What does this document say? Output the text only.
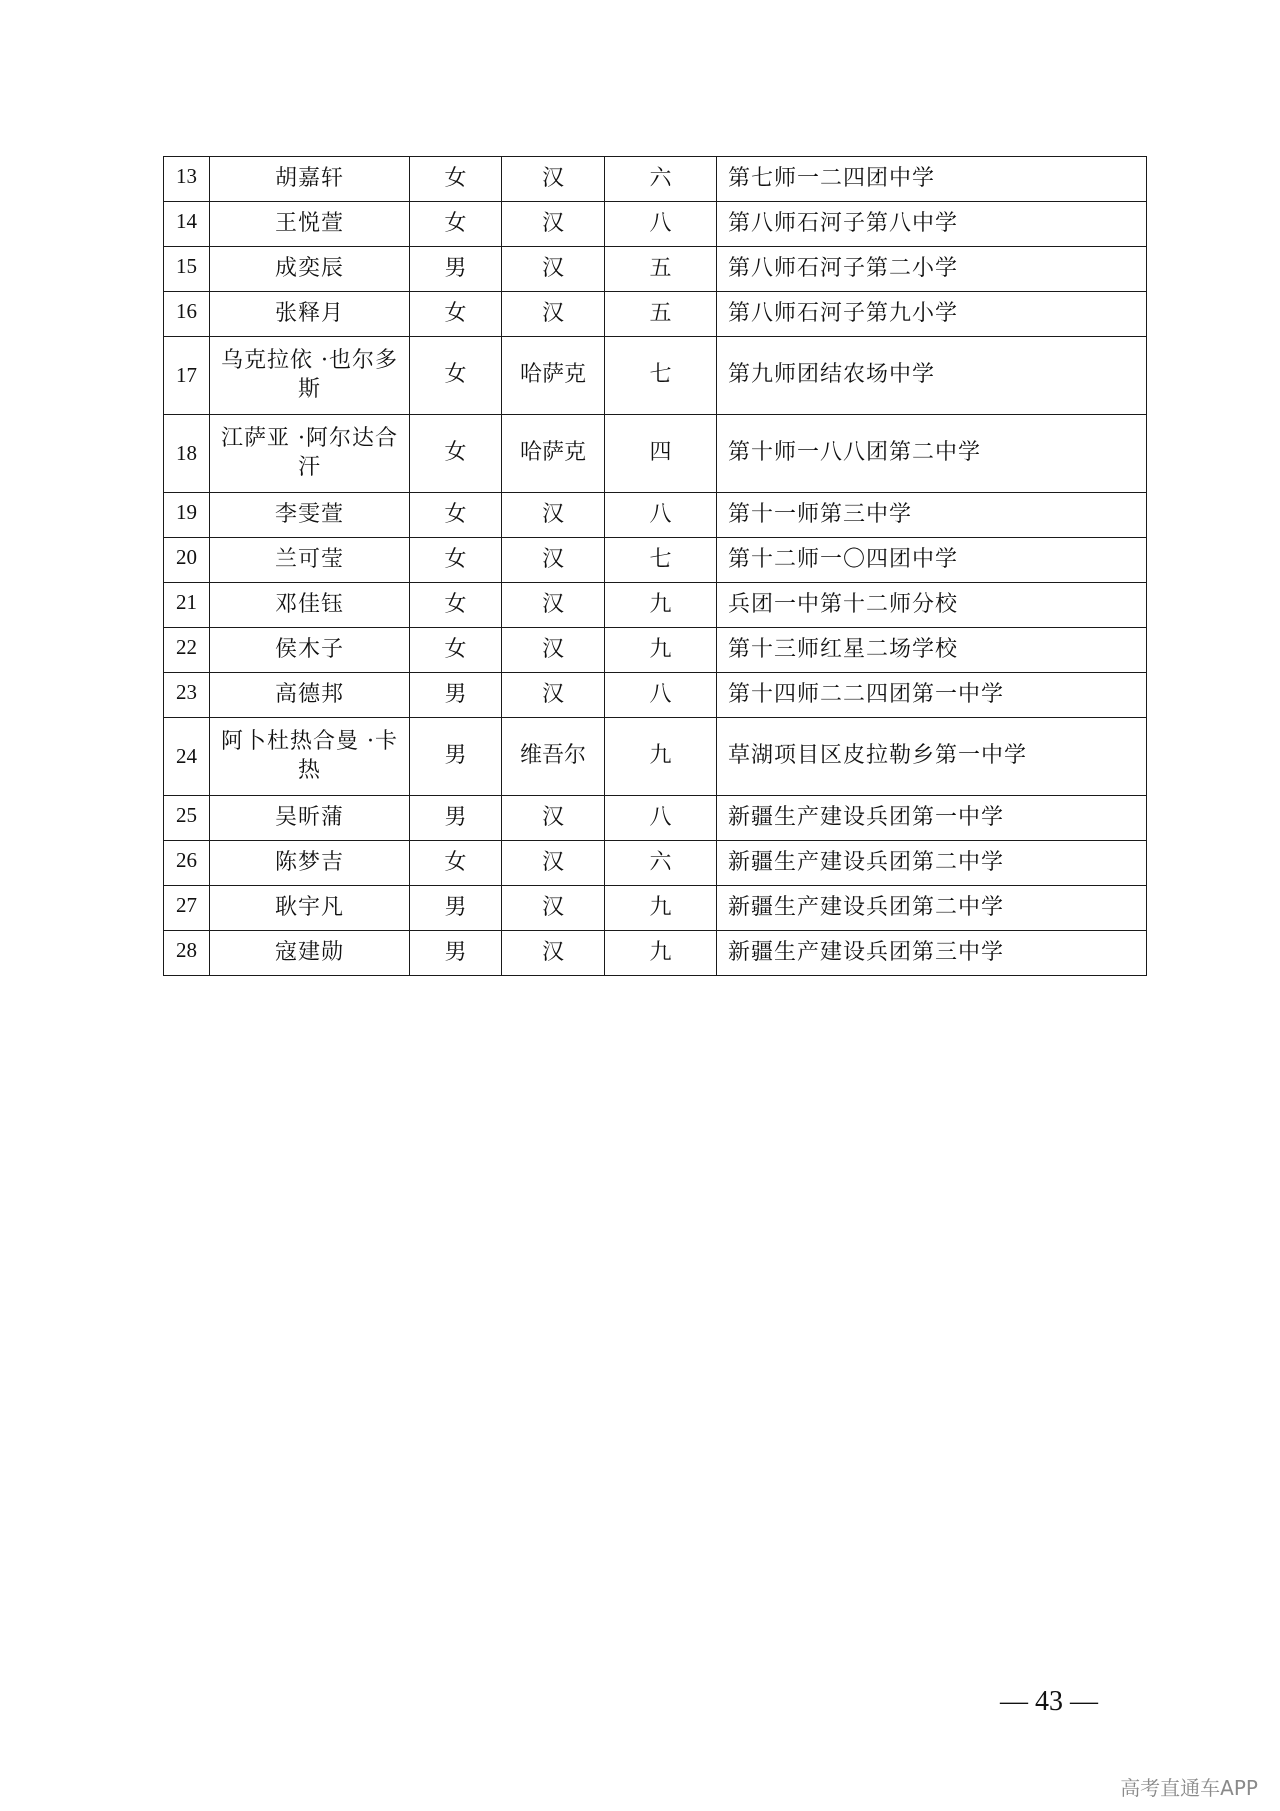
13	胡嘉轩	女	汉	六	第七师一二四团中学
14	王悦萱	女	汉	八	第八师石河子第八中学
15	成奕辰	男	汉	五	第八师石河子第二小学
16	张释月	女	汉	五	第八师石河子第九小学
17	乌克拉依 ·也尔多斯	女	哈萨克	七	第九师团结农场中学
18	江萨亚 ·阿尔达合汗	女	哈萨克	四	第十师一八八团第二中学
19	李雯萱	女	汉	八	第十一师第三中学
20	兰可莹	女	汉	七	第十二师一〇四团中学
21	邓佳钰	女	汉	九	兵团一中第十二师分校
22	侯木子	女	汉	九	第十三师红星二场学校
23	高德邦	男	汉	八	第十四师二二四团第一中学
24	阿卜杜热合曼 ·卡热	男	维吾尔	九	草湖项目区皮拉勒乡第一中学
25	吴昕蒲	男	汉	八	新疆生产建设兵团第一中学
26	陈梦吉	女	汉	六	新疆生产建设兵团第二中学
27	耿宇凡	男	汉	九	新疆生产建设兵团第二中学
28	寇建勋	男	汉	九	新疆生产建设兵团第三中学
— 43 —
高考直通车APP
